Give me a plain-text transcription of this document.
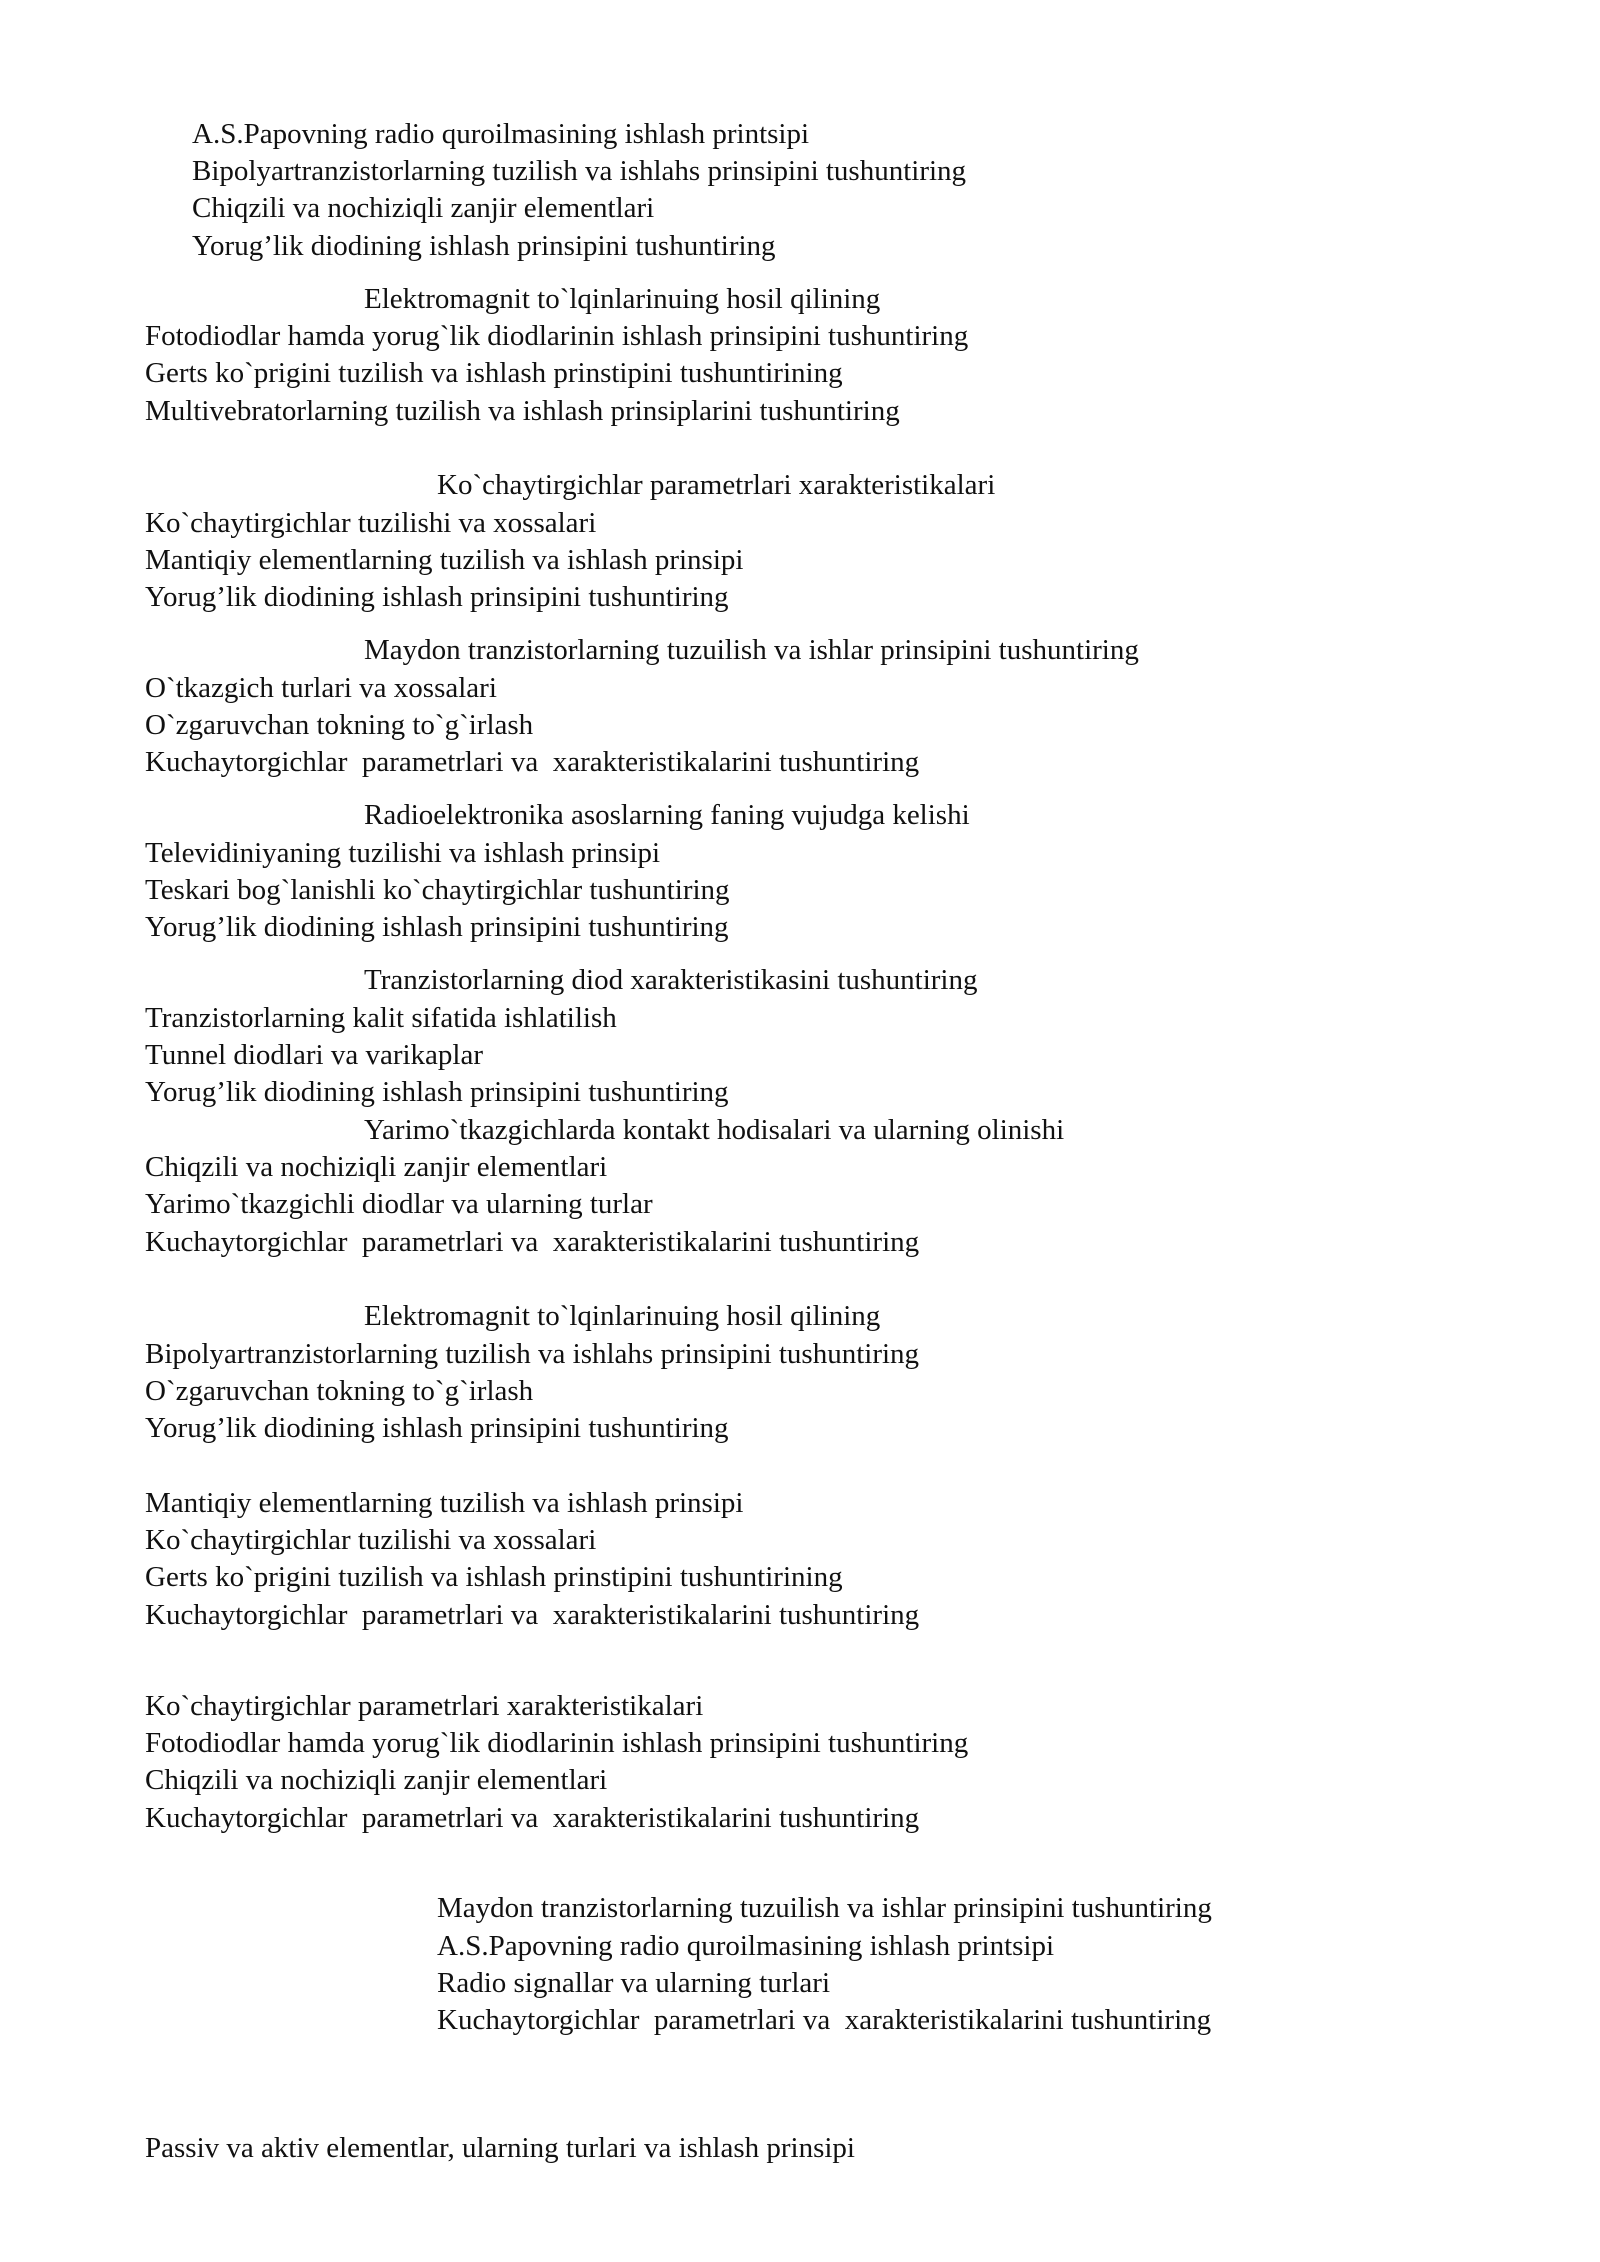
A.S.Papovning radio quroilmasining ishlash printsipi

Bipolyartranzistorlarning tuzilish va ishlahs prinsipini tushuntiring

Chiqzili va nochiziqli zanjir elementlari

Yorug’lik diodining ishlash prinsipini tushuntiring

Elektromagnit to`lqinlarinuing hosil qilining

Fotodiodlar hamda yorug`lik diodlarinin ishlash prinsipini tushuntiring

Gerts ko`prigini tuzilish va ishlash prinstipini tushuntirining

Multivebratorlarning tuzilish va ishlash prinsiplarini tushuntiring

Ko`chaytirgichlar parametrlari xarakteristikalari

Ko`chaytirgichlar tuzilishi va xossalari

Mantiqiy elementlarning tuzilish va ishlash prinsipi

Yorug’lik diodining ishlash prinsipini tushuntiring

Maydon tranzistorlarning tuzuilish va ishlar prinsipini tushuntiring

O`tkazgich turlari va xossalari

O`zgaruvchan tokning to`g`irlash

Kuchaytorgichlar  parametrlari va  xarakteristikalarini tushuntiring

Radioelektronika asoslarning faning vujudga kelishi

Televidiniyaning tuzilishi va ishlash prinsipi

Teskari bog`lanishli ko`chaytirgichlar tushuntiring

Yorug’lik diodining ishlash prinsipini tushuntiring

Tranzistorlarning diod xarakteristikasini tushuntiring

Tranzistorlarning kalit sifatida ishlatilish

Tunnel diodlari va varikaplar

Yorug’lik diodining ishlash prinsipini tushuntiring

Yarimo`tkazgichlarda kontakt hodisalari va ularning olinishi

Chiqzili va nochiziqli zanjir elementlari

Yarimo`tkazgichli diodlar va ularning turlar

Kuchaytorgichlar  parametrlari va  xarakteristikalarini tushuntiring

Elektromagnit to`lqinlarinuing hosil qilining

Bipolyartranzistorlarning tuzilish va ishlahs prinsipini tushuntiring

O`zgaruvchan tokning to`g`irlash

Yorug’lik diodining ishlash prinsipini tushuntiring

Mantiqiy elementlarning tuzilish va ishlash prinsipi

Ko`chaytirgichlar tuzilishi va xossalari

Gerts ko`prigini tuzilish va ishlash prinstipini tushuntirining

Kuchaytorgichlar  parametrlari va  xarakteristikalarini tushuntiring

Ko`chaytirgichlar parametrlari xarakteristikalari

Fotodiodlar hamda yorug`lik diodlarinin ishlash prinsipini tushuntiring

Chiqzili va nochiziqli zanjir elementlari

Kuchaytorgichlar  parametrlari va  xarakteristikalarini tushuntiring

Maydon tranzistorlarning tuzuilish va ishlar prinsipini tushuntiring

A.S.Papovning radio quroilmasining ishlash printsipi

Radio signallar va ularning turlari

Kuchaytorgichlar  parametrlari va  xarakteristikalarini tushuntiring

Passiv va aktiv elementlar, ularning turlari va ishlash prinsipi
